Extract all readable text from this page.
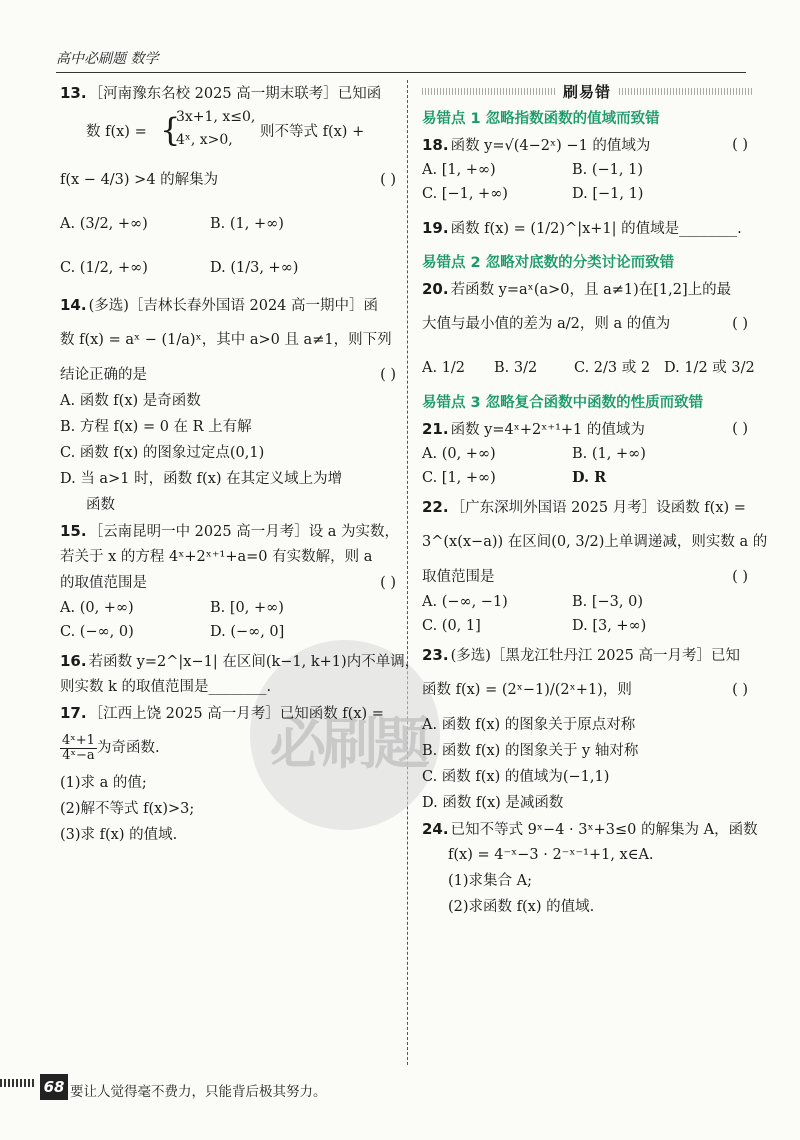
高中必刷题 数学
必刷题
13. ［河南豫东名校 2025 高一期末联考］已知函
数 f(x) = {
3x+1, x≤0,
4ˣ, x>0, 则不等式 f(x) +
f(x − 4/3) >4 的解集为	( )
A. (3/2, +∞)	B. (1, +∞)
C. (1/2, +∞)	D. (1/3, +∞)
14. (多选)［吉林长春外国语 2024 高一期中］函
数 f(x) = aˣ − (1/a)ˣ，其中 a>0 且 a≠1，则下列
结论正确的是	( )
A. 函数 f(x) 是奇函数
B. 方程 f(x) = 0 在 R 上有解
C. 函数 f(x) 的图象过定点(0,1)
D. 当 a>1 时，函数 f(x) 在其定义域上为增
函数
15. ［云南昆明一中 2025 高一月考］设 a 为实数，
若关于 x 的方程 4ˣ+2ˣ⁺¹+a=0 有实数解，则 a
的取值范围是	( )
A. (0, +∞)	B. [0, +∞)
C. (−∞, 0)	D. (−∞, 0]
16. 若函数 y=2^|x−1| 在区间(k−1, k+1)内不单调，
则实数 k 的取值范围是________.
17. ［江西上饶 2025 高一月考］已知函数 f(x) =
$\frac{\text{4ˣ+1}}{\text{4ˣ−a}}$ 为奇函数.
(1)求 a 的值;
(2)解不等式 f(x)>3;
(3)求 f(x) 的值域.
刷易错
易错点 1 忽略指数函数的值域而致错
18. 函数 y=√(4−2ˣ) −1 的值域为	( )
A. [1, +∞)	B. (−1, 1)
C. [−1, +∞)	D. [−1, 1)
19. 函数 f(x) = (1/2)^|x+1| 的值域是________.
易错点 2 忽略对底数的分类讨论而致错
20. 若函数 y=aˣ(a>0，且 a≠1)在[1,2]上的最
大值与最小值的差为 a/2，则 a 的值为	( )
A. 1/2	B. 3/2	C. 2/3 或 2 D. 1/2 或 3/2
易错点 3 忽略复合函数中函数的性质而致错
21. 函数 y=4ˣ+2ˣ⁺¹+1 的值域为	( )
A. (0, +∞)	B. (1, +∞)
C. [1, +∞)	D. R
22. ［广东深圳外国语 2025 月考］设函数 f(x) =
3^(x(x−a)) 在区间(0, 3/2)上单调递减，则实数 a 的
取值范围是	( )
A. (−∞, −1)	B. [−3, 0)
C. (0, 1]	D. [3, +∞)
23. (多选)［黑龙江牡丹江 2025 高一月考］已知
函数 f(x) = (2ˣ−1)/(2ˣ+1)，则	( )
A. 函数 f(x) 的图象关于原点对称
B. 函数 f(x) 的图象关于 y 轴对称
C. 函数 f(x) 的值域为(−1,1)
D. 函数 f(x) 是减函数
24. 已知不等式 9ˣ−4 · 3ˣ+3≤0 的解集为 A，函数
f(x) = 4⁻ˣ−3 · 2⁻ˣ⁻¹+1, x∈A.
(1)求集合 A;
(2)求函数 f(x) 的值域.
68 要让人觉得毫不费力，只能背后极其努力。
